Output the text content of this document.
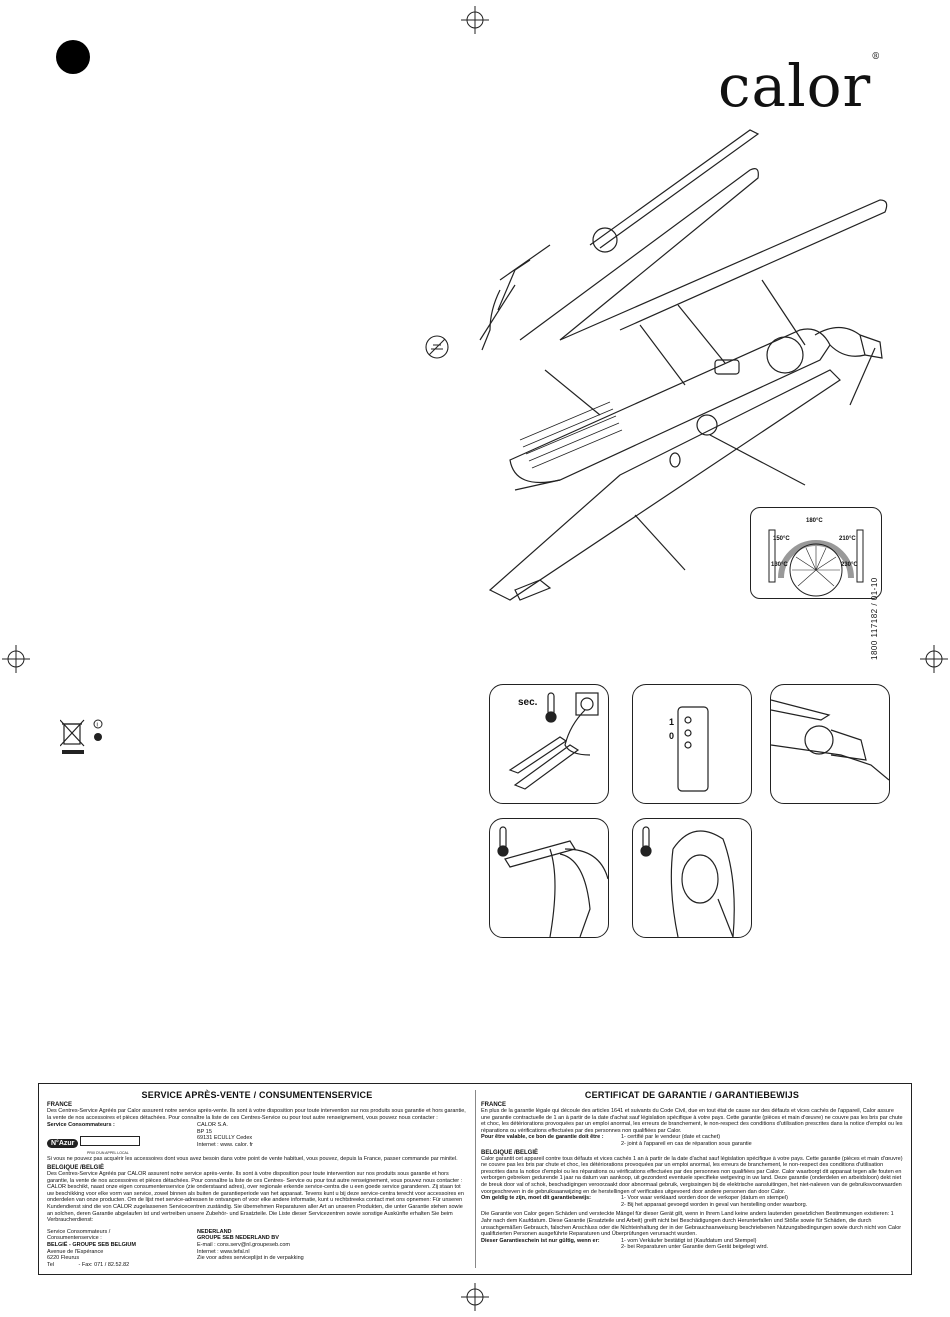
calor®
130°C
150°C
180°C
210°C
230°C
1800 117182 / 01-10
i
sec.
1
0
SERVICE APRÈS-VENTE / CONSUMENTENSERVICE
FRANCE

Des Centres-Service Agréés par Calor assurent notre service après-vente. Ils sont à votre disposition pour toute intervention sur nos produits sous garantie et hors garantie, la vente de nos accessoires et pièces détachées. Pour connaître la liste de ces Centres-Service ou pour tout autre renseignement, vous pouvez nous contacter :

Service Consommateurs :

N°Azur

PRIX D'UN APPEL LOCAL

CALOR S.A.

BP 15

69131 ECULLY Cedex

Internet : www. calor. fr

Si vous ne pouvez pas acquérir les accessoires dont vous avez besoin dans votre point de vente habituel, vous pouvez, depuis la France, passer commande par minitel.

BELGIQUE /BELGIË

Des Centres-Service Agréés par CALOR assurent notre service après-vente. Ils sont à votre disposition pour toute intervention sur nos produits sous garantie et hors garantie, la vente de nos accessoires et pièces détachées. Pour connaître la liste de ces Centres- Service ou pour tout autre renseignement, vous pouvez nous contacter : CALOR beschikt, naast onze eigen consumentenservice (zie onderstaand adres), over regionale erkende service-centra die u een goede service garanderen. Zij staan tot uw beschikking voor elke vorm van service, zowel binnen als buiten de garantieperiode van het apparaat. Tevens kunt u bij deze service-centra terecht voor accessoires en onderdelen van onze producten. Om de lijst met service-adressen te ontvangen of voor elke andere informatie, kunt u rechtstreeks contact met ons opnemen: Für unseren Kundendienst sind die von CALOR zugelassenen Servicecentren zuständig. Sie übernehmen Reparaturen aller Art an unseren Produkten, die unter Garantie stehen sowie an solchen, deren Garantie abgelaufen ist und vertreiben unsere Zubehör- und Ersatzteile. Die Liste dieser Servicezentren sowie sonstige Auskünfte erhalten Sie beim Verbraucherdienst:

Service Consommateurs /

Consumentenservice :

BELGIË - GROUPE SEB BELGIUM

Avenue de l'Espérance

6220 Fleurus

Tel	- Fax: 071 / 82.52.82

NEDERLAND

GROUPE SEB NEDERLAND BV

E-mail : cons.serv@nl.groupeseb.com

Internet : www.tefal.nl

Zie voor adres serviceplijst in de verpakking

CERTIFICAT DE GARANTIE / GARANTIEBEWIJS
FRANCE

En plus de la garantie légale qui découle des articles 1641 et suivants du Code Civil, due en tout état de cause sur des défauts et vices cachés de l'appareil, Calor assure une garantie contractuelle de 1 an à partir de la date d'achat sauf législation spécifique à votre pays. Cette garantie (pièces et main d'œuvre) ne couvre pas les bris par chute et choc, les détériorations provoquées par un emploi anormal, les erreurs de branchement, le non-respect des conditions d'utilisation prescrites dans la notice d'emploi ou les réparations ou vérifications effectuées par des personnes non qualifiées par Calor.

Pour être valable, ce bon de garantie doit être :	1- certifié par le vendeur (date et cachet)

2- joint à l'appareil en cas de réparation sous garantie

BELGIQUE /BELGIË

Calor garantit cet appareil contre tous défauts et vices cachés 1 an à partir de la date d'achat sauf législation spécifique à votre pays. Cette garantie (pièces et main d'œuvre) ne couvre pas les bris par chute et choc, les détériorations provoquées par un emploi anormal, les erreurs de branchement, le non-respect des conditions d'utilisation prescrites dans la notice d'emploi ou les réparations ou vérifications effectuées par des personnes non qualifiées par Calor. Calor waarborgt dit apparaat tegen alle fouten en verborgen gebreken gedurende 1 jaar na datum van aankoop, uit gezonderd eventuele specifieke wetgeving in uw land. Deze garantie (onderdelen en arbeidsloon) dekt niet de breuk door val of schok, beschadigingen veroorzaakt door abnormaal gebruik, vergissingen bij de elektrische aansluitingen, het niet-naleven van de gebruiksvoorwaarden voorgeschreven in de gebruiksaanwijzing en de herstellingen of verificaties uitgevoerd door andere personen dan door Calor.

Om geldig te zijn, moet dit garantiebewijs:	1- Voor waar verklaard worden door de verkoper (datum en stempel)

2- Bij het apparaat gevoegd worden in geval van herstelling onder waarborg.

Die Garantie von Calor gegen Schäden und versteckte Mängel für dieser Gerät gilt, wenn in Ihrem Land keine anders lautenden gesetzlichen Bestimmungen existieren: 1 Jahr nach dem Kaufdatum. Diese Garantie (Ersatzteile und Arbeit) greift nicht bei Beschädigungen durch Herunterfallen und Stöße sowie für Schäden, die durch unsachgemäßen Gebrauch, falschen Anschluss oder die Nichteinhaltung der in der Gebrauchsanweisung beschriebenen Nutzungsbedingungen sowie durch nicht von Calor qualifizierten Personen ausgeführte Reparaturen und Überprüfungen verursacht wurden.

Dieser Garantieschein ist nur gültig, wenn er:	1- vom Verkäufer bestätigt ist (Kaufdatum und Stempel)

2- bei Reparaturen unter Garantie dem Gerät beigelegt wird.
